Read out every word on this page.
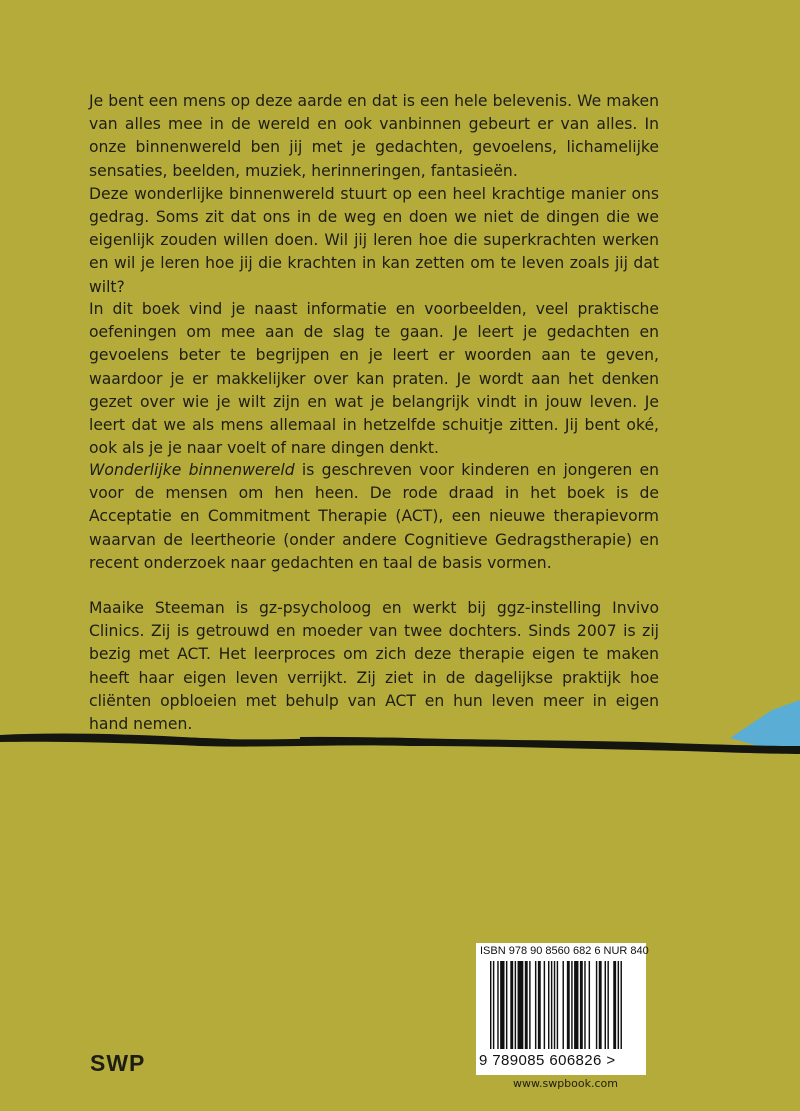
Je bent een mens op deze aarde en dat is een hele belevenis. We maken van alles mee in de wereld en ook vanbinnen gebeurt er van alles. In onze binnenwereld ben jij met je gedachten, gevoelens, lichamelijke sensaties, beelden, muziek, herinneringen, fantasieën.

Deze wonderlijke binnenwereld stuurt op een heel krachtige manier ons gedrag. Soms zit dat ons in de weg en doen we niet de dingen die we eigenlijk zouden willen doen. Wil jij leren hoe die superkrachten werken en wil je leren hoe jij die krachten in kan zetten om te leven zoals jij dat wilt?

In dit boek vind je naast informatie en voorbeelden, veel praktische oefeningen om mee aan de slag te gaan. Je leert je gedachten en gevoelens beter te begrijpen en je leert er woorden aan te geven, waardoor je er makkelijker over kan praten. Je wordt aan het denken gezet over wie je wilt zijn en wat je belangrijk vindt in jouw leven. Je leert dat we als mens allemaal in hetzelfde schuitje zitten. Jij bent oké, ook als je je naar voelt of nare dingen denkt.

Wonderlijke binnenwereld is geschreven voor kinderen en jongeren en voor de mensen om hen heen. De rode draad in het boek is de Acceptatie en Commitment Therapie (ACT), een nieuwe therapievorm waarvan de leertheorie (onder andere Cognitieve Gedragstherapie) en recent onderzoek naar gedachten en taal de basis vormen.

Maaike Steeman is gz-psycholoog en werkt bij ggz-instelling Invivo Clinics. Zij is getrouwd en moeder van twee dochters. Sinds 2007 is zij bezig met ACT. Het leerproces om zich deze therapie eigen te maken heeft haar eigen leven verrijkt. Zij ziet in de dagelijkse praktijk hoe cliënten opbloeien met behulp van ACT en hun leven meer in eigen hand nemen.

SWP
ISBN 978 90 8560 682 6 NUR 840
9 789085 606826 >
www.swpbook.com
